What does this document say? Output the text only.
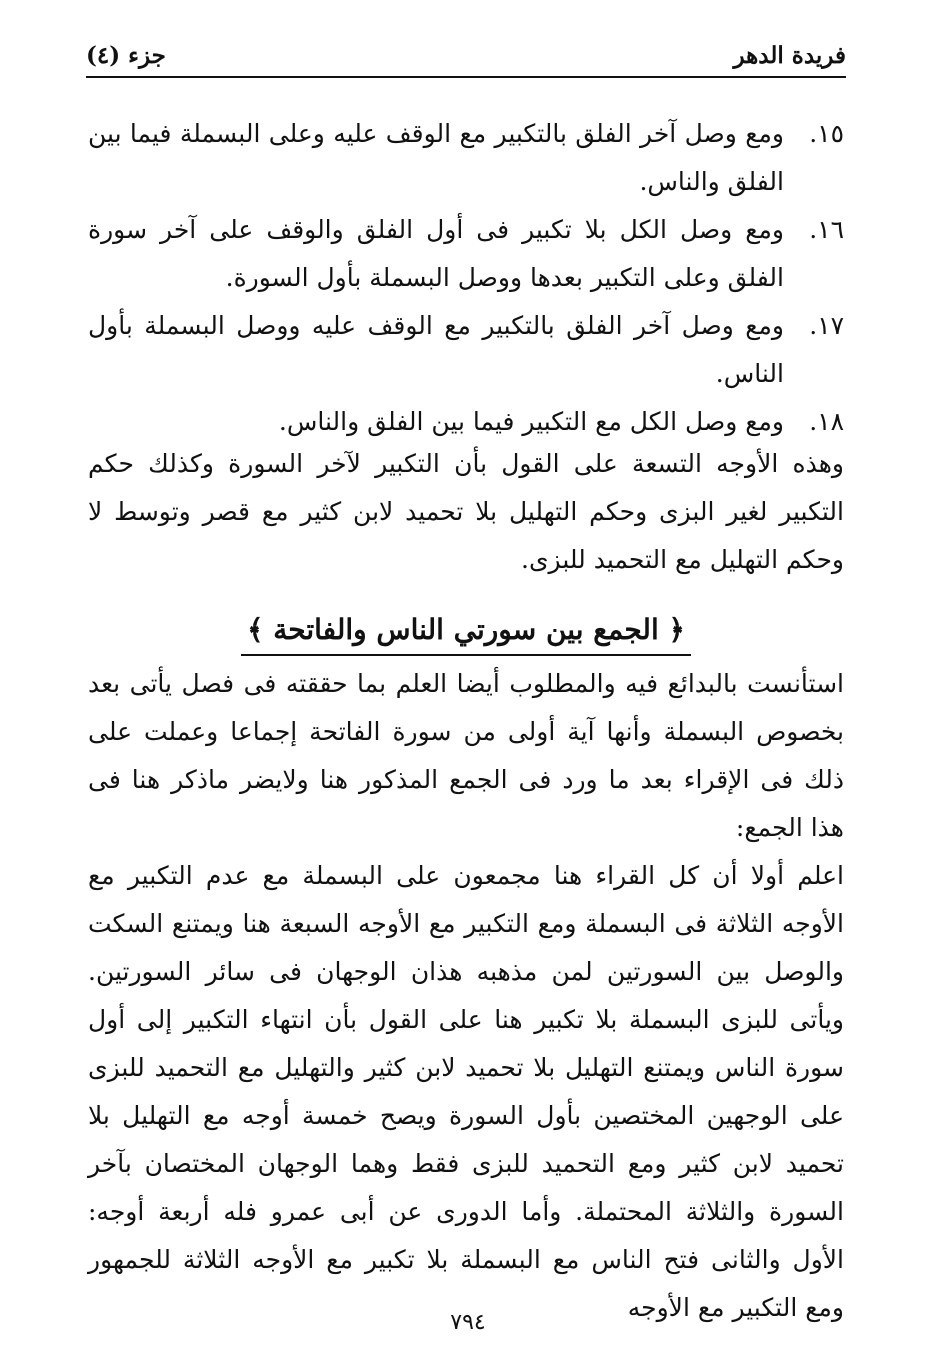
فريدة الدهر
جزء (٤)
١٥.
ومع وصل آخر الفلق بالتكبير مع الوقف عليه وعلى البسملة فيما بين الفلق والناس.
١٦.
ومع وصل الكل بلا تكبير فى أول الفلق والوقف على آخر سورة الفلق وعلى التكبير بعدها ووصل البسملة بأول السورة.
١٧.
ومع وصل آخر الفلق بالتكبير مع الوقف عليه ووصل البسملة بأول الناس.
١٨.
ومع وصل الكل مع التكبير فيما بين الفلق والناس.
وهذه الأوجه التسعة على القول بأن التكبير لآخر السورة وكذلك حكم التكبير لغير البزى وحكم التهليل بلا تحميد لابن كثير مع قصر وتوسط لا وحكم التهليل مع التحميد للبزى.
﴿ الجمع بين سورتي الناس والفاتحة ﴾
استأنست بالبدائع فيه والمطلوب أيضا العلم بما حققته فى فصل يأتى بعد بخصوص البسملة وأنها آية أولى من سورة الفاتحة إجماعا وعملت على ذلك فى الإقراء بعد ما ورد فى الجمع المذكور هنا ولايضر ماذكر هنا فى هذا الجمع:
اعلم أولا أن كل القراء هنا مجمعون على البسملة مع عدم التكبير مع الأوجه الثلاثة فى البسملة ومع التكبير مع الأوجه السبعة هنا ويمتنع السكت والوصل بين السورتين لمن مذهبه هذان الوجهان فى سائر السورتين. ويأتى للبزى البسملة بلا تكبير هنا على القول بأن انتهاء التكبير إلى أول سورة الناس ويمتنع التهليل بلا تحميد لابن كثير والتهليل مع التحميد للبزى على الوجهين المختصين بأول السورة ويصح خمسة أوجه مع التهليل بلا تحميد لابن كثير ومع التحميد للبزى فقط وهما الوجهان المختصان بآخر السورة والثلاثة المحتملة. وأما الدورى عن أبى عمرو فله أربعة أوجه: الأول والثانى فتح الناس مع البسملة بلا تكبير مع الأوجه الثلاثة للجمهور ومع التكبير مع الأوجه
٧٩٤
